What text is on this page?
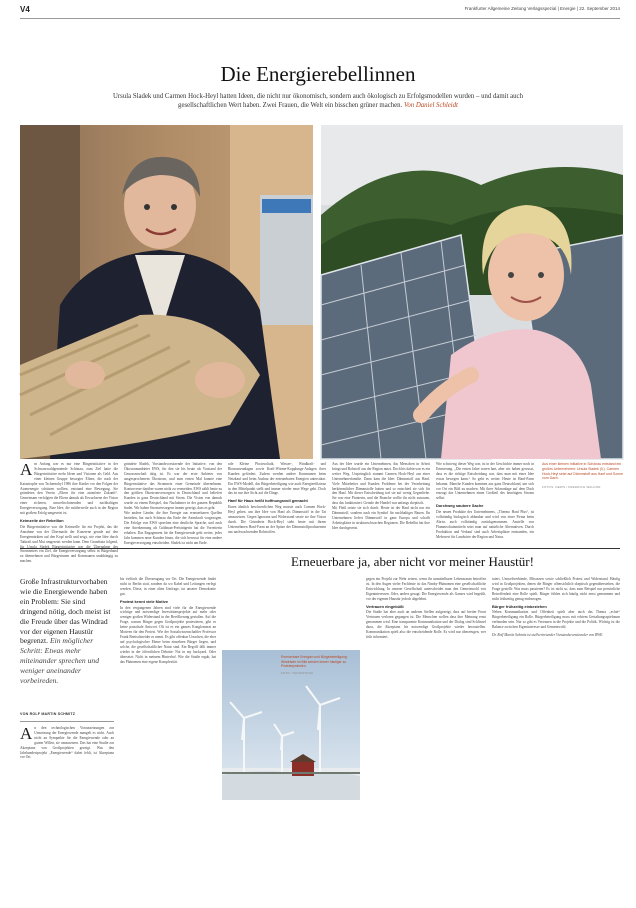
V4	Frankfurter Allgemeine Zeitung Verlagsspezial | Energie | 22. September 2014
Die Energierebellinnen
Ursula Sladek und Carmen Hock-Heyl hatten Ideen, die nicht nur ökonomisch, sondern auch ökologisch zu Erfolgsmodellen wurden – und damit auch gesellschaftlichen Wert haben. Zwei Frauen, die Welt ein bisschen grüner machen. Von Daniel Schleidt
A m Anfang war es nur eine Bürgerinitiative in der Schwarzwaldgemeinde Schönau, zum Ziel hatte die Bürgerinitiative mehr Ideen und Visionen als Geld. Aus einer kleinen Gruppe besorgter Eltern, die nach der Katastrophe von Tschernobyl 1986 ihre Kinder vor den Folgen der Atomenergie schützen wollten, entstand eine Bewegung. Sie gründeten den Verein „Eltern für eine atomfreie Zukunft“. Gemeinsam verfolgten die Eltern damals als Erwachsene der Vision einer sicheren, umweltschonenden und nachhaltigen Energieversorgung. Eine Idee, die mittlerweile auch in der Region mit großem Erfolg umgesetzt ist.

Keimzelle der Rebellion

Die Bürgerinitiative war die Keimzelle für ein Projekt, das die Annahme von der Übermacht der Konzerne gerade auf den Energiemärkten auf den Kopf stellt und zeigt, wie eine Idee durch Tatkraft und Mut umgesetzt werden kann. Dem Grundsatz folgend, für Ursula Sladek Bürgerinitiative war die Übernahme des Stromnetzes ein Ziel, die Energieversorgung selbst in Bürgerhand zu übernehmen und Bürgerinnen und Kommunen unabhängig zu machen.

gründete Sladek, Vorstandsvorsitzende der Initiative, von den Ökostromanbieter EWS, für den sie bis heute als Vorstand der Genossenschaft tätig ist. Es war der erste Anbieter von ausgesprochenem Ökostrom, und zum ersten Mal konnte eine Bürgerinitiative das Stromnetz einer Gemeinde übernehmen. Kontroverse darüber waren nicht zu vermeiden. EWS zählt heute zu den größten Ökostromversorgern in Deutschland und beliefert Kunden in ganz Deutschland mit Strom. Die Vision von damals wurde zu einem Beispiel, das Nachahmer in der ganzen Republik findet. Wir haben Stromversorgern immer gezeigt, dass es geht.

Wie andere Länder, die ihre Energie aus erneuerbaren Quellen beziehen, hat auch Schönau das Ende der Atomkraft vorgezogen. Die Erfolge von EWS sprechen eine deutliche Sprache, und auch eine Anerkennung als Goldman-Preisträgerin hat die Vorreiterin erhalten. Das Engagement für die Energiewende geht weiter, jedes Jahr kommen neue Kunden hinzu, die sich bewusst für eine andere Energieversorgung entscheiden. Sladek ist nicht am Ende.

rale Kleine Photovoltaik, Wasser-, Windkraft- und Biomasseanlagen sowie Kraft-Wärme-Kopplungs-Anlagen ihrer Kunden gefördert. Zudem werden andere Kommunen beim Netzkauf und beim Ausbau der erneuerbaren Energien unterstützt. Ein EWS-Modell, das Bürgerbeteiligung wie auch Energieeffizienz in den Mittelpunkt stellt und immer wieder neue Wege geht. Doch das ist nur ihre Sicht auf die Dinge.

Hanf für Haus heißt hoffnungsvoll gemacht

Einen ähnlich beschwerlichen Weg musste auch Carmen Hock-Heyl gehen, um ihre Idee von Hanf als Dämmstoff in die Tat umzusetzen. Gegen Ignoranz und Widerstand setzte sie ihre Vision durch. Die Gründerin Hock-Heyl steht heute mit ihrem Unternehmen Hanf-Farm an der Spitze der Dämmstoffproduzenten aus nachwachsenden Rohstoffen.

Aus der Idee wurde ein Unternehmen, das Menschen in Arbeit bringt und Rohstoff aus der Region nutzt. Doch bis dahin war es ein weiter Weg. Ursprünglich stammt Carmen Hock-Heyl aus einer Unternehmerfamilie. Dann kam die Idee: Dämmstoff aus Hanf. Viele Mitarbeiter und Kunden Probleme bei der Verarbeitung herkömmlicher Dämmstoffe hatten und so entschied sie sich für den Hanf. Mit dieser Entscheidung traf sie auf wenig Gegenliebe. Sie war eine Pionierin, und die Branche wollte ihr nicht zutrauen, dass das funktioniert. Gerade der Handel war anfangs skeptisch.

Mit Fleiß setzte sie sich durch. Heute ist der Hanf nicht nur ein Dämmstoff, sondern auch ein Symbol für nachhaltiges Bauen. Ihr Unternehmen liefert Dämmstoff in ganz Europa und schafft Arbeitsplätze in strukturschwachen Regionen. Die Rebellin hat ihre Idee durchgesetzt.

Wie schwierig dieser Weg war, ist in der Geschichte immer noch in Erinnerung. „Die ersten Jahre waren hart, aber wir haben gewusst, dass es die richtige Entscheidung war, dass man mit einer Idee etwas bewegen kann.“ So geht es weiter. Heute ist Hanf-Farm bekannt. Manche Kunden kommen aus ganz Deutschland, um sich vor Ort ein Bild zu machen. Mit ihrer Solaranlage auf dem Dach erzeugt das Unternehmen einen Großteil des benötigten Stroms selbst.

Durchweg saubere Sache

Die neuen Produkte des Unternehmens, „Thermo Hanf Plus“, ist vollständig biologisch abbaubar und wird von einer Firma beim Abriss auch vollständig zurückgenommen. Anstelle von Flammschutzmitteln setzt man auf natürliche Alternativen. Durch Produktion und Verkauf sind auch Arbeitsplätze entstanden, ein Mehrwert für Landwirte der Region und Natur.

Aus einer kleinen Initiative in Schönau entstand ein großes Unternehmen: Ursula Sladek (li.). Carmen Hock-Heyl setzt auf Dämmstoff aus Hanf und Sonne vom Dach.
FOTOS: DEWS / FREDRICH WALDOR
Erneuerbare ja, aber nicht vor meiner Haustür!
Große Infrastrukturvorhaben wie die Energiewende haben ein Problem: Sie sind dringend nötig, doch meist ist die Freude über das Windrad vor der eigenen Haustür begrenzt. Ein möglicher Schritt: Etwas mehr miteinander sprechen und weniger aneinander vorbeireden.
VON ROLF MARTIN SCHMITZ
A n den technologischen Voraussetzungen zur Umsetzung der Energiewende mangelt es nicht. Auch nicht an Sympathie für die Energiewende oder an gutem Willen, sie umzusetzen. Das hat eine Studie zur Akzeptanz von Großprojekten gezeigt. Was den Jahrhundertprojekt „Energiewende“ dabei fehlt, ist Akzeptanz vor Ort.

bis vielfach die Überzeugung vor Ort. Die Energiewende findet nicht in Berlin statt, sondern da wo Kabel und Leitungen verlegt werden. Diese, in einer alten Umfrage, tut unserer Demokratie gut.

Protest kennt viele Motive

In den vergangenen Jahren sind viele für die Energiewende wichtige und notwendige Investitionsprojekte auf mehr oder weniger großen Widerstand in der Bevölkerung gestoßen. Auf die Frage, warum Bürger gegen Großprojekte protestieren, gibt es keine pauschale Antwort. Oft ist es ein ganzes Konglomerat an Motiven für den Protest. Wie der Sozialwissenschaftler Professor Frank Brettschneider es nennt. Es gibt offenbar Ursachen, die eher auf psychologischer Ebene beim einzelnen Bürger liegen, und solche, die gesellschaftlicher Natur sind. Ein Begriff fällt immer wieder in der öffentlichen Debatte: Not in my backyard. Oder übersetzt: Nicht in meinem Hinterhof. Wie die Studie ergab, hat das Phänomen eine eigene Komplexität.

Erneuerbare Energien und Bürgerbeteiligung: Windräder im Bild werden immer häufiger zu Protestsymbolen.
FOTO: THINKSTOCK

gegen ein Projekt zur Wehr setzen, wenn ihr unmittelbarer Lebensraum betroffen ist. In den Augen vieler Fachleute ist das Nimby-Phänomen eine gesellschaftliche Entwicklung. In unserer Gesellschaft unterscheidet man den Gemeinwohl von Eigeninteressen. Oder, anders gesagt: Die Energiewende als Ganzes wird begrüßt, vor der eigenen Haustür jedoch abgelehnt.

Vertrauen eingebüßt

Die Studie hat aber auch an anderen Stellen aufgezeigt, dass auf breiter Front Vertrauen verloren gegangen ist. Die Menschen wollen dass ihre Meinung ernst genommen wird. Eine transparente Kommunikation und der Dialog sind Schlüssel dazu, die Akzeptanz für notwendige Großprojekte wieder herzustellen. Kommunikation spielt also die entscheidende Rolle. Es wird nur überzeugen, wer früh informiert.

tuiert, Umweltverbände, Mitsassen sowie schließlich Protest und Widerstand. Häufig wird in Großprojekten, denen die Bürger offensichtlich skeptisch gegenüberstehen, die Frage gestellt: Was muss passieren? Es ist nicht so, dass zum Beispiel nur persönliche Betroffenheit eine Rolle spielt. Bürger fühlen sich häufig nicht ernst genommen und nicht frühzeitig genug einbezogen.

Bürger frühzeitig einbeziehen

Neben Kommunikation und Offenheit spielt aber auch das Thema „echte“ Bürgerbeteiligung ein Rolle. Bürgerbeteiligung muss mit echtem Gestaltungsspielraum verbunden sein. Nur so gibt es Vertrauen in die Projekte und die Politik. Wichtig ist die Balance zwischen Eigeninteresse und Gemeinwohl.

Dr. Rolf Martin Schmitz ist stellvertretender Vorstandsvorsitzender von RWE.
